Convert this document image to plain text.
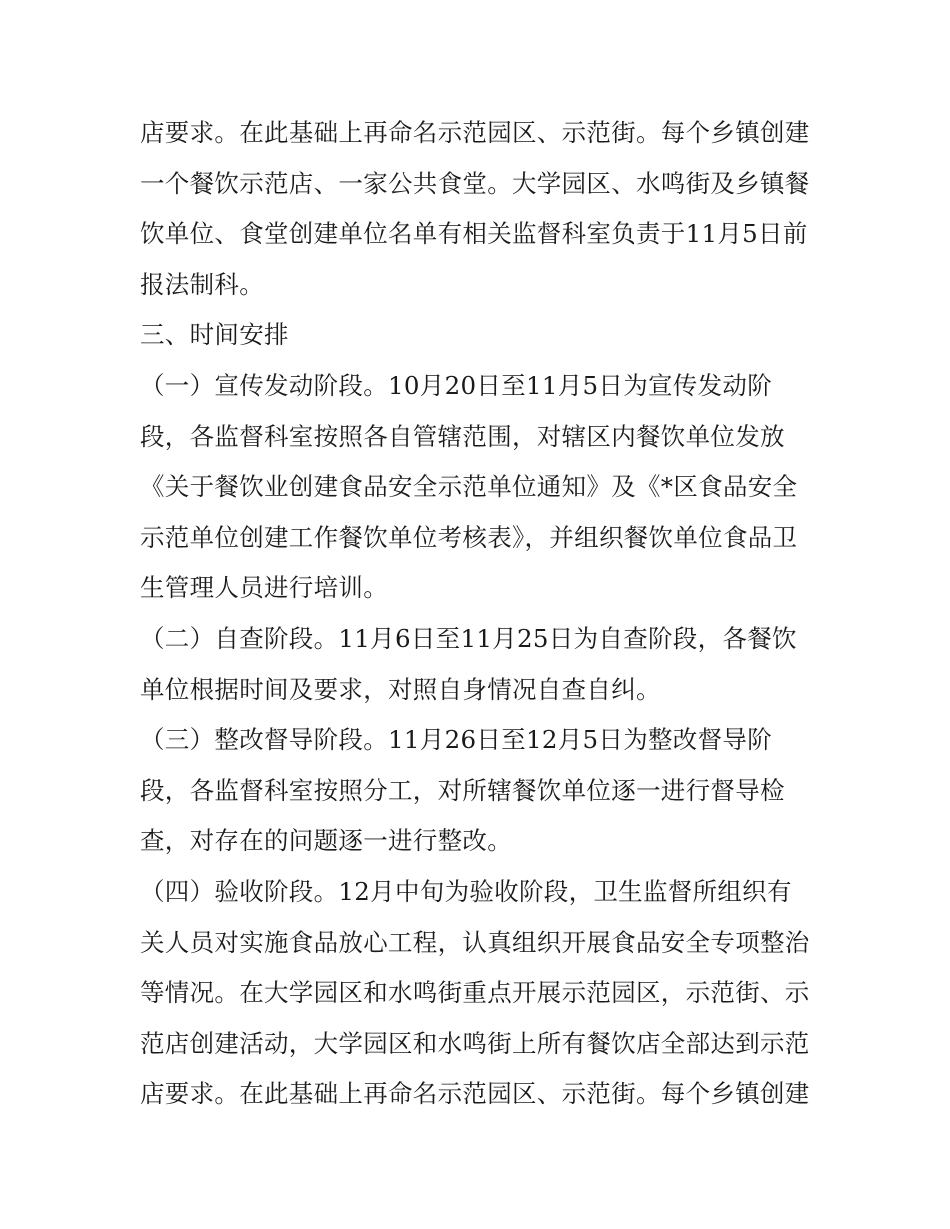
店要求。在此基础上再命名示范园区、示范街。每个乡镇创建
一个餐饮示范店、一家公共食堂。大学园区、水鸣街及乡镇餐
饮单位、食堂创建单位名单有相关监督科室负责于11月5日前
报法制科。
三、时间安排
（一）宣传发动阶段。10月20日至11月5日为宣传发动阶
段，各监督科室按照各自管辖范围，对辖区内餐饮单位发放
《关于餐饮业创建食品安全示范单位通知》及《*区食品安全
示范单位创建工作餐饮单位考核表》，并组织餐饮单位食品卫
生管理人员进行培训。
（二）自查阶段。11月6日至11月25日为自查阶段，各餐饮
单位根据时间及要求，对照自身情况自查自纠。
（三）整改督导阶段。11月26日至12月5日为整改督导阶
段，各监督科室按照分工，对所辖餐饮单位逐一进行督导检
查，对存在的问题逐一进行整改。
（四）验收阶段。12月中旬为验收阶段，卫生监督所组织有
关人员对实施食品放心工程，认真组织开展食品安全专项整治
等情况。在大学园区和水鸣街重点开展示范园区，示范街、示
范店创建活动，大学园区和水鸣街上所有餐饮店全部达到示范
店要求。在此基础上再命名示范园区、示范街。每个乡镇创建
